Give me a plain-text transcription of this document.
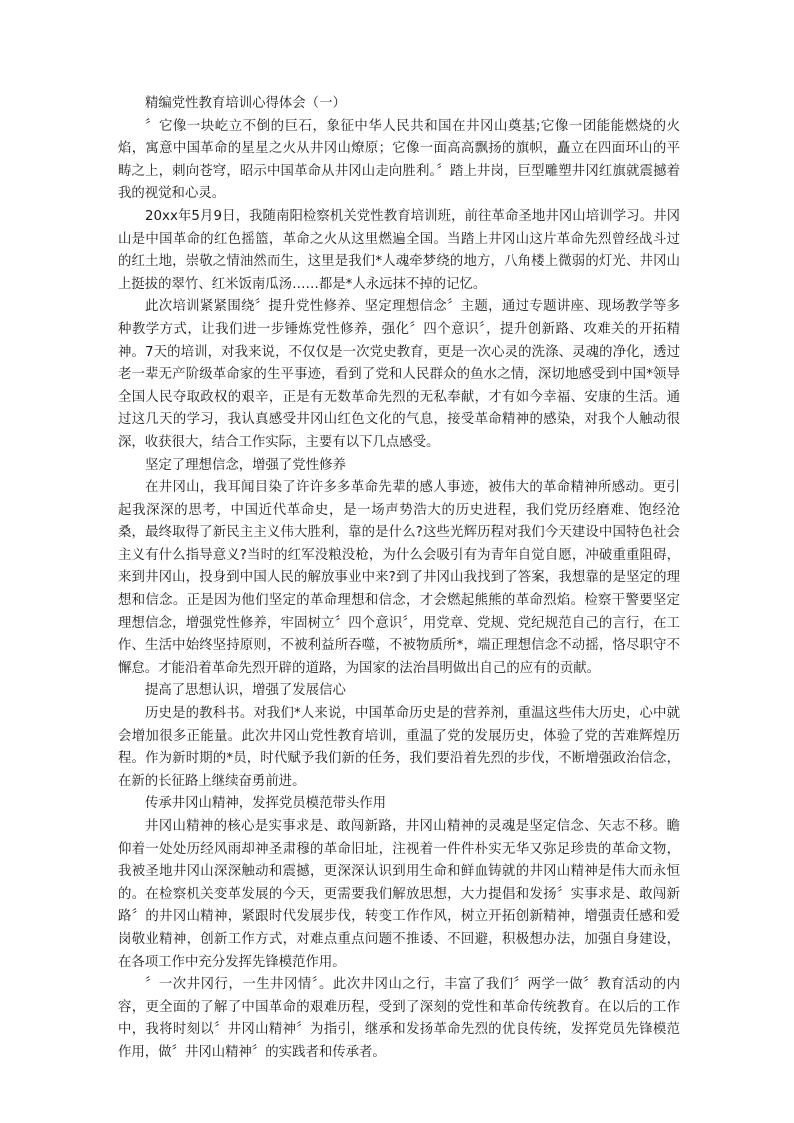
精编党性教育培训心得体会（一）

〞它像一块屹立不倒的巨石，象征中华人民共和国在井冈山奠基;它像一团能能燃烧的火焰，寓意中国革命的星星之火从井冈山燎原；它像一面高高飘扬的旗帜，矗立在四面环山的平畴之上，刺向苍穹，昭示中国革命从井冈山走向胜利。〞踏上井岗，巨型雕塑井冈红旗就震撼着我的视觉和心灵。

20xx年5月9日，我随南阳检察机关党性教育培训班，前往革命圣地井冈山培训学习。井冈山是中国革命的红色摇篮，革命之火从这里燃遍全国。当踏上井冈山这片革命先烈曾经战斗过的红土地，崇敬之情油然而生，这里是我们*人魂牵梦绕的地方，八角楼上微弱的灯光、井冈山上挺拔的翠竹、红米饭南瓜汤……都是*人永远抹不掉的记忆。

此次培训紧紧围绕〞提升党性修养、坚定理想信念〞主题，通过专题讲座、现场教学等多种教学方式，让我们进一步锤炼党性修养，强化〞四个意识〞，提升创新路、攻难关的开拓精神。7天的培训，对我来说，不仅仅是一次党史教育，更是一次心灵的洗涤、灵魂的净化，透过老一辈无产阶级革命家的生平事迹，看到了党和人民群众的鱼水之情，深切地感受到中国*领导全国人民夺取政权的艰辛，正是有无数革命先烈的无私奉献，才有如今幸福、安康的生活。通过这几天的学习，我认真感受井冈山红色文化的气息，接受革命精神的感染，对我个人触动很深，收获很大，结合工作实际，主要有以下几点感受。

坚定了理想信念，增强了党性修养

在井冈山，我耳闻目染了许许多多革命先辈的感人事迹，被伟大的革命精神所感动。更引起我深深的思考，中国近代革命史，是一场声势浩大的历史进程，我们党历经磨难、饱经沧桑，最终取得了新民主主义伟大胜利，靠的是什么?这些光辉历程对我们今天建设中国特色社会主义有什么指导意义?当时的红军没粮没枪，为什么会吸引有为青年自觉自愿，冲破重重阻碍，来到井冈山，投身到中国人民的解放事业中来?到了井冈山我找到了答案，我想靠的是坚定的理想和信念。正是因为他们坚定的革命理想和信念，才会燃起熊熊的革命烈焰。检察干警要坚定理想信念，增强党性修养，牢固树立〞四个意识〞，用党章、党规、党纪规范自己的言行，在工作、生活中始终坚持原则，不被利益所吞噬，不被物质所*，端正理想信念不动摇，恪尽职守不懈怠。才能沿着革命先烈开辟的道路，为国家的法治昌明做出自己的应有的贡献。

提高了思想认识，增强了发展信心

历史是的教科书。对我们*人来说，中国革命历史是的营养剂，重温这些伟大历史，心中就会增加很多正能量。此次井冈山党性教育培训，重温了党的发展历史，体验了党的苦难辉煌历程。作为新时期的*员，时代赋予我们新的任务，我们要沿着先烈的步伐，不断增强政治信念，在新的长征路上继续奋勇前进。

传承井冈山精神，发挥党员模范带头作用

井冈山精神的核心是实事求是、敢闯新路，井冈山精神的灵魂是坚定信念、矢志不移。瞻仰着一处处历经风雨却神圣肃穆的革命旧址，注视着一件件朴实无华又弥足珍贵的革命文物，我被圣地井冈山深深触动和震撼，更深深认识到用生命和鲜血铸就的井冈山精神是伟大而永恒的。在检察机关变革发展的今天，更需要我们解放思想，大力提倡和发扬〞实事求是、敢闯新路〞的井冈山精神，紧跟时代发展步伐，转变工作作风，树立开拓创新精神，增强责任感和爱岗敬业精神，创新工作方式，对难点重点问题不推诿、不回避，积极想办法，加强自身建设，在各项工作中充分发挥先锋模范作用。

〞一次井冈行，一生井冈情〞。此次井冈山之行，丰富了我们〞两学一做〞教育活动的内容，更全面的了解了中国革命的艰难历程，受到了深刻的党性和革命传统教育。在以后的工作中，我将时刻以〞井冈山精神〞为指引，继承和发扬革命先烈的优良传统，发挥党员先锋模范作用，做〞井冈山精神〞的实践者和传承者。
